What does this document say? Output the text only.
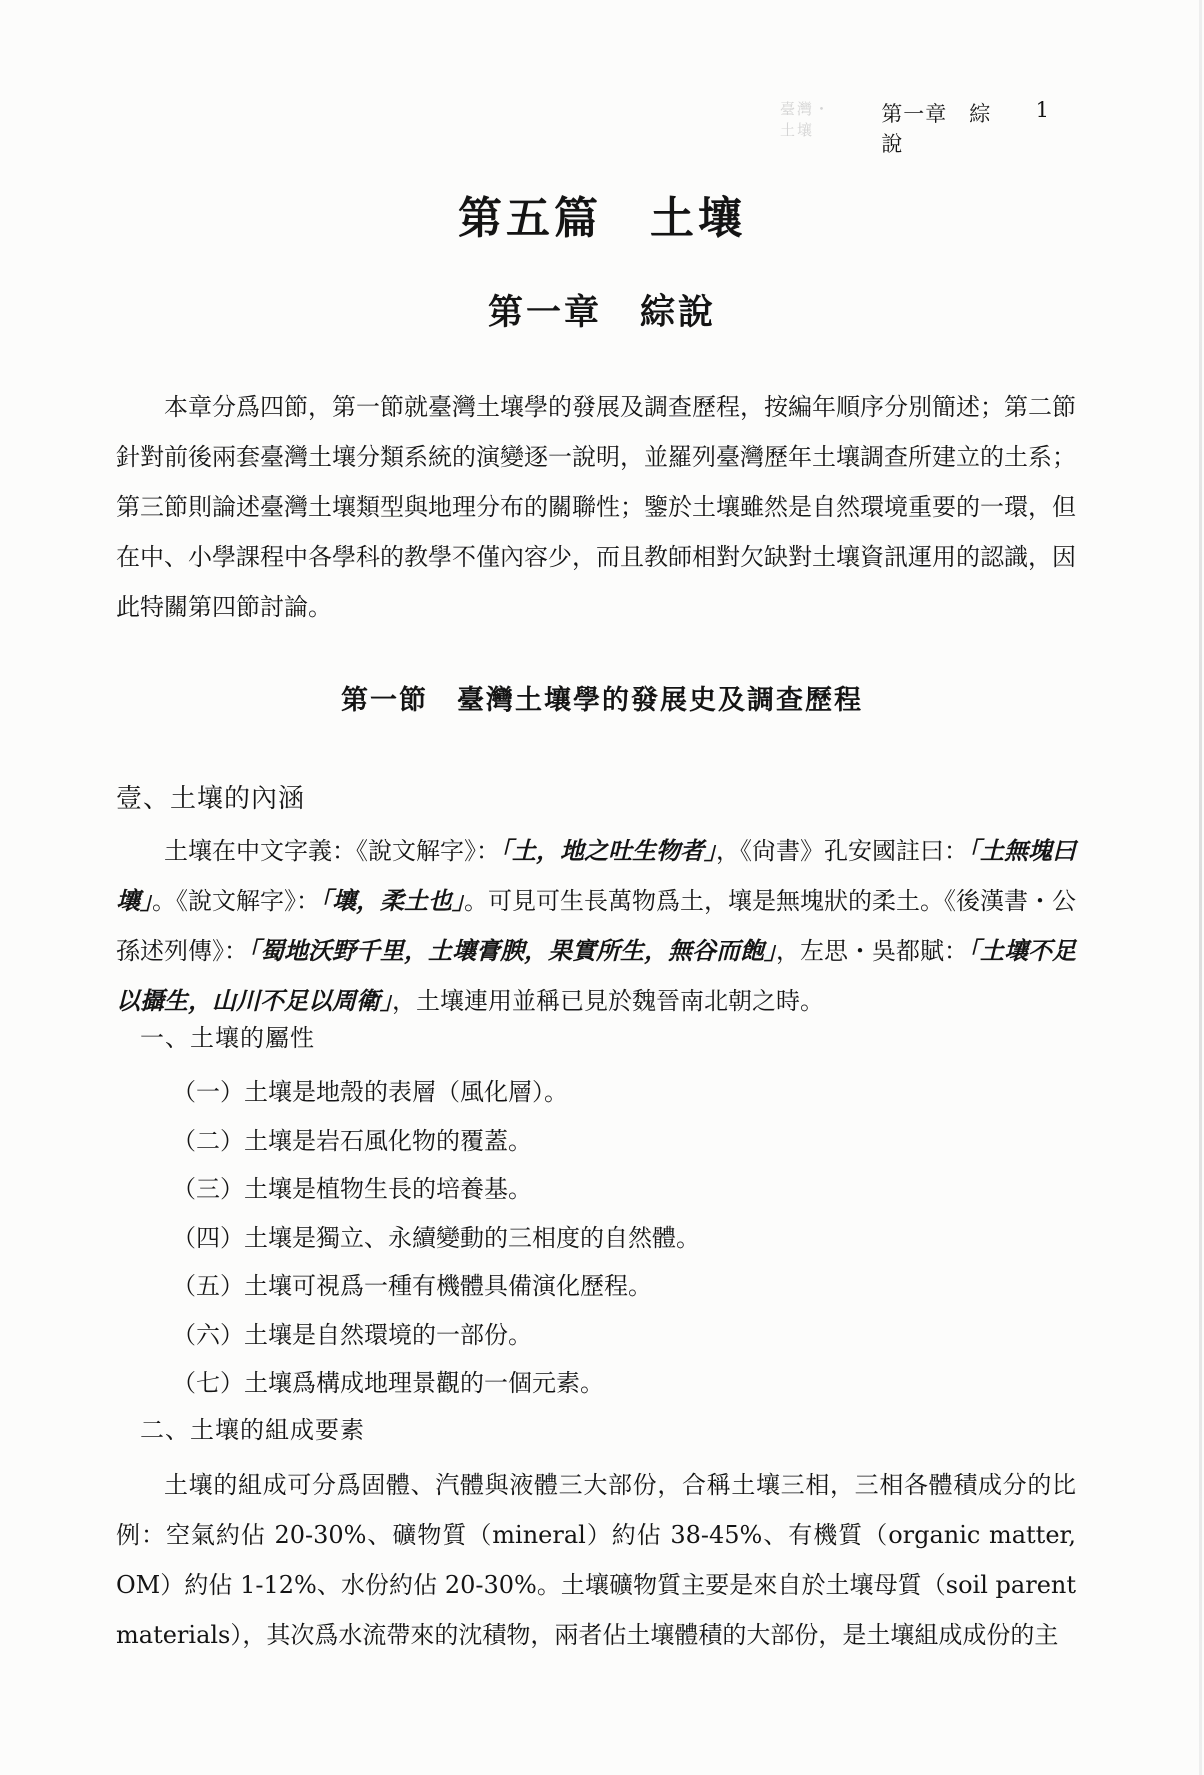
臺灣・土壤
第一章　綜　說
1
第五篇　土壤
第一章　綜說

本章分爲四節，第一節就臺灣土壤學的發展及調查歷程，按編年順序分別簡述；第二節針對前後兩套臺灣土壤分類系統的演變逐一說明，並羅列臺灣歷年土壤調查所建立的土系；第三節則論述臺灣土壤類型與地理分布的關聯性；鑒於土壤雖然是自然環境重要的一環，但在中、小學課程中各學科的教學不僅內容少，而且教師相對欠缺對土壤資訊運用的認識，因此特關第四節討論。

第一節　臺灣土壤學的發展史及調查歷程
壹、土壤的內涵

土壤在中文字義：《說文解字》：「土，地之吐生物者」，《尙書》孔安國註曰：「土無塊曰壤」。《說文解字》：「壤，柔土也」。可見可生長萬物爲土，壤是無塊狀的柔土。《後漢書・公孫述列傳》：「蜀地沃野千里，土壤膏腴，果實所生，無谷而飽」，左思・吳都賦：「土壤不足以攝生，山川不足以周衛」，土壤連用並稱已見於魏晉南北朝之時。

一、土壤的屬性
（一）土壤是地殼的表層（風化層）。
（二）土壤是岩石風化物的覆蓋。
（三）土壤是植物生長的培養基。
（四）土壤是獨立、永續變動的三相度的自然體。
（五）土壤可視爲一種有機體具備演化歷程。
（六）土壤是自然環境的一部份。
（七）土壤爲構成地理景觀的一個元素。
二、土壤的組成要素

土壤的組成可分爲固體、汽體與液體三大部份，合稱土壤三相，三相各體積成分的比例：空氣約佔 20-30%、礦物質（mineral）約佔 38-45%、有機質（organic matter, OM）約佔 1-12%、水份約佔 20-30%。土壤礦物質主要是來自於土壤母質（soil parent materials），其次爲水流帶來的沈積物，兩者佔土壤體積的大部份，是土壤組成成份的主
